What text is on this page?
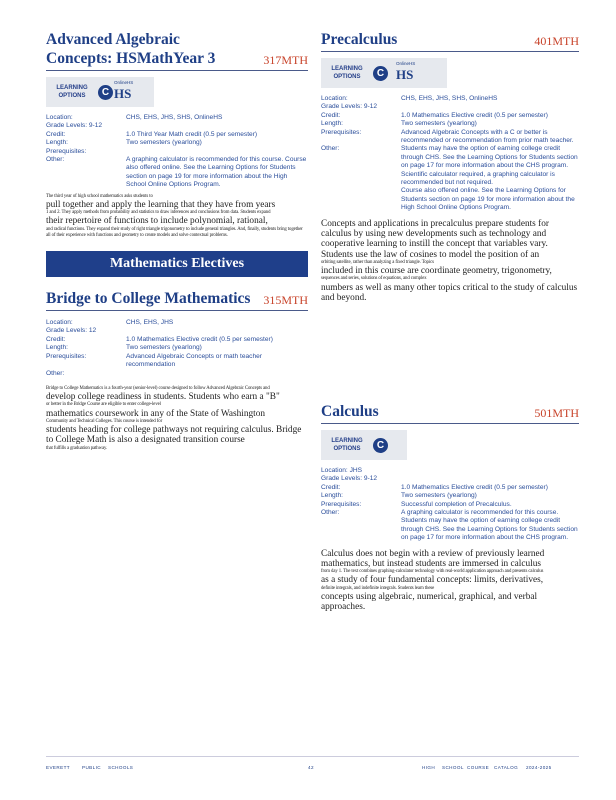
Advanced Algebraic Concepts: HSMathYear 3	317MTH
LEARNING OPTIONS	C
OnlineHS
HS
Location:	CHS, EHS, JHS, SHS, OnlineHS
Grade Levels: 9-12
Credit:	1.0 Third Year Math credit (0.5 per semester)
Length:	Two semesters (yearlong)
Prerequisites:
Other:	A graphing calculator is recommended for this course. Course also offered online. See the Learning Options for Students section on page 19 for more information about the High School Online Options Program.

The third year of high school mathematics asks students to

pull together and apply the learning that they have from years

1 and 2. They apply methods from probability and statistics to draw inferences and conclusions from data. Students expand

their repertoire of functions to include polynomial, rational,

and radical functions. They expand their study of right triangle trigonometry to include general triangles. And, finally, students bring together all of their experience with functions and geometry to create models and solve contextual problems.

Mathematics Electives
Bridge to College Mathematics 315MTH
Location:	CHS, EHS, JHS
Grade Levels: 12
Credit:	1.0 Mathematics Elective credit (0.5 per semester)
Length:	Two semesters (yearlong)
Prerequisites:	Advanced Algebraic Concepts or math teacher recommendation
Other:

Bridge to College Mathematics is a fourth-year (senior-level) course designed to follow Advanced Algebraic Concepts and

develop college readiness in students. Students who earn a "B"

or better in the Bridge Course are eligible to enter college-level

mathematics coursework in any of the State of Washington

Community and Technical Colleges. This course is intended for

students heading for college pathways not requiring calculus. Bridge to College Math is also a designated transition course

that fulfills a graduation pathway.

Precalculus	401MTH
LEARNING OPTIONS	C
OnlineHS
HS
Location:	CHS, EHS, JHS, SHS, OnlineHS
Grade Levels: 9-12
Credit:	1.0 Mathematics Elective credit (0.5 per semester)
Length:	Two semesters (yearlong)
Prerequisites:	Advanced Algebraic Concepts with a C or better is recommended or recommendation from prior math teacher.
Other:	Students may have the option of earning college credit through CHS. See the Learning Options for Students section on page 17 for more information about the CHS program.
Scientific calculator required, a graphing calculator is recommended but not required.
Course also offered online. See the Learning Options for Students section on page 19 for more information about the High School Online Options Program.

Concepts and applications in precalculus prepare students for calculus by using new developments such as technology and cooperative learning to instill the concept that variables vary. Students use the law of cosines to model the position of an

orbiting satellite, rather than analyzing a fixed triangle. Topics

included in this course are coordinate geometry, trigonometry,

sequences and series, solutions of equations, and complex

numbers as well as many other topics critical to the study of calculus and beyond.

Calculus	501MTH
LEARNING OPTIONS	C
Location: JHS
Grade Levels: 9-12
Credit:	1.0 Mathematics Elective credit (0.5 per semester)
Length:	Two semesters (yearlong)
Prerequisites:	Successful completion of Precalculus.
Other:	A graphing calculator is recommended for this course.
Students may have the option of earning college credit through CHS. See the Learning Options for Students section on page 17 for more information about the CHS program.

Calculus does not begin with a review of previously learned mathematics, but instead students are immersed in calculus

from day 1. The text combines graphing-calculator technology with real-world application approach and presents calculus

as a study of four fundamental concepts: limits, derivatives,

definite integrals, and indefinite integrals. Students learn these

concepts using algebraic, numerical, graphical, and verbal approaches.

EVERETT	PUBLIC SCHOOLS	42	HIGH SCHOOL COURSE CATALOG 2024-2025
